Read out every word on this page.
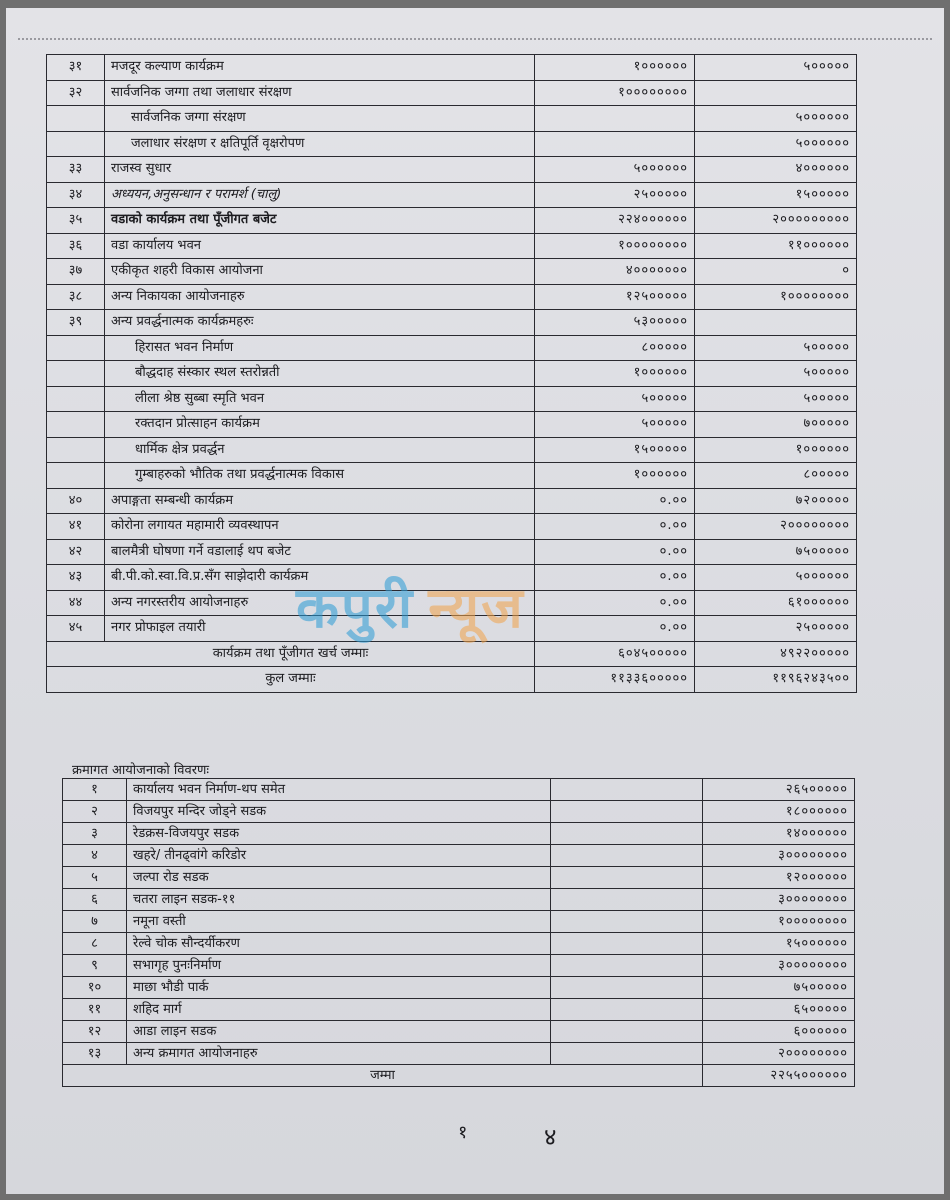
३१	मजदूर कल्याण कार्यक्रम	१००००००	५०००००
३२	सार्वजनिक जग्गा तथा जलाधार संरक्षण	१००००००००	
	सार्वजनिक जग्गा संरक्षण		५००००००
	जलाधार संरक्षण र क्षतिपूर्ति वृक्षरोपण		५००००००
३३	राजस्व सुधार	५००००००	४००००००
३४	अध्ययन,अनुसन्धान र परामर्श (चालु)	२५०००००	१५०००००
३५	वडाको कार्यक्रम तथा पूँजीगत बजेट	२२४००००००	२०००००००००
३६	वडा कार्यालय भवन	१००००००००	११००००००
३७	एकीकृत शहरी विकास आयोजना	४०००००००	०
३८	अन्य निकायका आयोजनाहरु	१२५०००००	१००००००००
३९	अन्य प्रवर्द्धनात्मक कार्यक्रमहरुः	५३०००००	
	हिरासत भवन निर्माण	८०००००	५०००००
	बौद्धदाह संस्कार स्थल स्तरोन्नती	१००००००	५०००००
	लीला श्रेष्ठ सुब्बा स्मृति भवन	५०००००	५०००००
	रक्तदान प्रोत्साहन कार्यक्रम	५०००००	७०००००
	धार्मिक क्षेत्र प्रवर्द्धन	१५०००००	१००००००
	गुम्बाहरुको भौतिक तथा प्रवर्द्धनात्मक विकास	१००००००	८०००००
४०	अपाङ्गता सम्बन्धी कार्यक्रम	०.००	७२०००००
४१	कोरोना लगायत महामारी व्यवस्थापन	०.००	२००००००००
४२	बालमैत्री घोषणा गर्ने वडालाई थप बजेट	०.००	७५०००००
४३	बी.पी.को.स्वा.वि.प्र.सँग साझेदारी कार्यक्रम	०.००	५००००००
४४	अन्य नगरस्तरीय आयोजनाहरु	०.००	६१००००००
४५	नगर प्रोफाइल तयारी	०.००	२५०००००
कार्यक्रम तथा पूँजीगत खर्च जम्माः		६०४५०००००	४९२२०००००
कुल जम्माः		११३३६०००००	११९६२४३५००
क्रमागत आयोजनाको विवरणः
१	कार्यालय भवन निर्माण-थप समेत		२६५०००००
२	विजयपुर मन्दिर जोड्ने सडक		१८००००००
३	रेडक्रस-विजयपुर सडक		१४००००००
४	खहरे/ तीनढ्वांगे करिडोर		३००००००००
५	जल्पा रोड सडक		१२००००००
६	चतरा लाइन सडक-११		३००००००००
७	नमूना वस्ती		१००००००००
८	रेल्वे चोक सौन्दर्यीकरण		१५००००००
९	सभागृह पुनःनिर्माण		३००००००००
१०	माछा भौडी पार्क		७५०००००
११	शहिद मार्ग		६५०००००
१२	आडा लाइन सडक		६००००००
१३	अन्य क्रमागत आयोजनाहरु		२००००००००
जम्मा			२२५५००००००
कपुरी न्यूज
१	४
